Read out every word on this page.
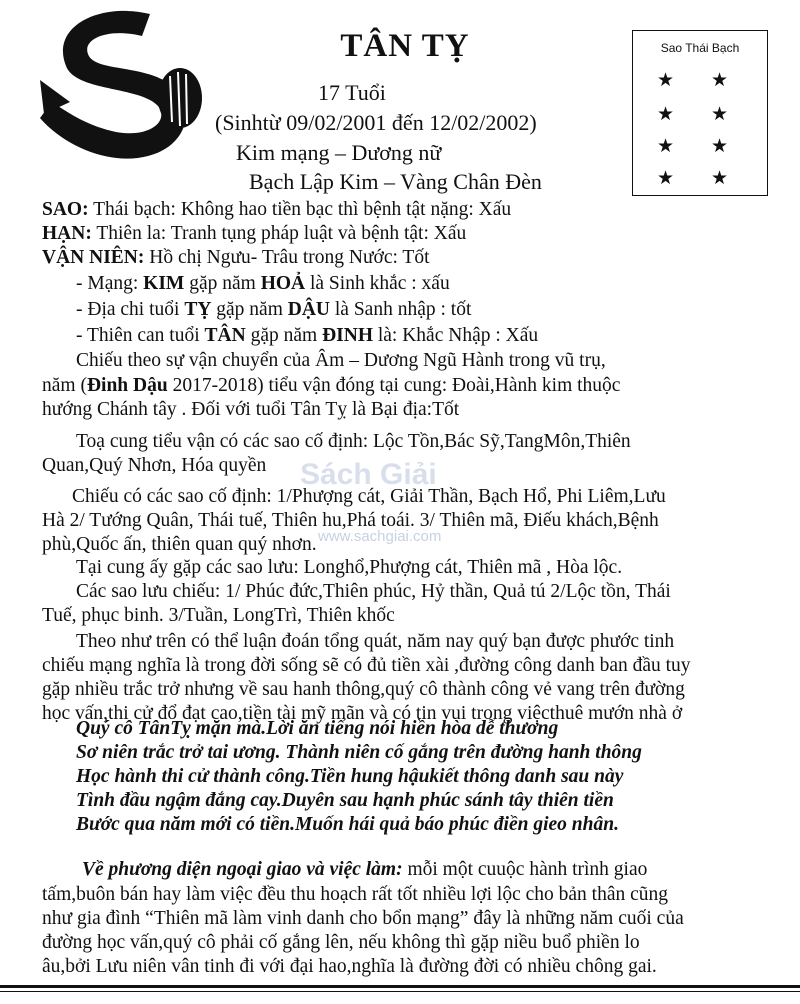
TÂN TỴ
17 Tuổi
(Sinhtừ 09/02/2001 đến 12/02/2002)
Kim mạng – Dương nữ
Bạch Lập Kim – Vàng Chân Đèn
Sao Thái Bạch
★ ★
★ ★
★ ★
★ ★
SAO: Thái bạch: Không hao tiền bạc thì bệnh tật nặng: Xấu
HẠN: Thiên la: Tranh tụng pháp luật và bệnh tật: Xấu
VẬN NIÊN: Hồ chị Ngưu- Trâu trong Nước: Tốt
- Mạng: KIM gặp năm HOẢ là Sinh khắc : xấu
- Địa chi tuổi TỴ gặp năm DẬU là Sanh nhập : tốt
- Thiên can tuổi TÂN gặp năm ĐINH là: Khắc Nhập : Xấu
Chiếu theo sự vận chuyển của Âm – Dương Ngũ Hành trong vũ trụ,
năm (Đinh Dậu 2017-2018) tiểu vận đóng tại cung: Đoài,Hành kim thuộc
hướng Chánh tây . Đối với tuổi Tân Tỵ là Bại địa:Tốt
Toạ cung tiểu vận có các sao cố định: Lộc Tồn,Bác Sỹ,TangMôn,Thiên
Quan,Quý Nhơn, Hóa quyền
Chiếu có các sao cố định: 1/Phượng cát, Giải Thần, Bạch Hổ, Phi Liêm,Lưu
Hà 2/ Tướng Quân, Thái tuế, Thiên hu,Phá toái. 3/ Thiên mã, Điếu khách,Bệnh
phù,Quốc ấn, thiên quan quý nhơn.
Tại cung ấy gặp các sao lưu: Longhổ,Phượng cát, Thiên mã , Hòa lộc.
Các sao lưu chiếu: 1/ Phúc đức,Thiên phúc, Hỷ thần, Quả tú 2/Lộc tồn, Thái
Tuế, phục binh. 3/Tuần, LongTrì, Thiên khốc
Theo như trên có thể luận đoán tổng quát, năm nay quý bạn được phước tinh
chiếu mạng nghĩa là trong đời sống sẽ có đủ tiền xài ,đường công danh ban đầu tuy
gặp nhiều trắc trở nhưng về sau hanh thông,quý cô thành công vẻ vang trên đường
học vấn,thi cử đổ đạt cao,tiền tài mỹ mãn và có tin vui trong việcthuê mướn nhà ở
Quý cô TânTỵ mặn mà.Lời ăn tiếng nói hiền hòa dễ thương
Sơ niên trắc trở tai ương. Thành niên cố gắng trên đường hanh thông
Học hành thi cử thành công.Tiền hung hậukiết thông danh sau này
Tình đầu ngậm đắng cay.Duyên sau hạnh phúc sánh tây thiên tiền
Bước qua năm mới có tiền.Muốn hái quả báo phúc điền gieo nhân.
Về phương diện ngoại giao và việc làm: mỗi một cuuộc hành trình giao
tấm,buôn bán hay làm việc đều thu hoạch rất tốt nhiều lợi lộc cho bản thân cũng
như gia đình “Thiên mã làm vinh danh cho bổn mạng” đây là những năm cuối của
đường học vấn,quý cô phải cố gắng lên, nếu không thì gặp niều buổ phiền lo
âu,bởi Lưu niên vân tinh đi với đại hao,nghĩa là đường đời có nhiều chông gai.
Sách Giải
www.sachgiai.com
